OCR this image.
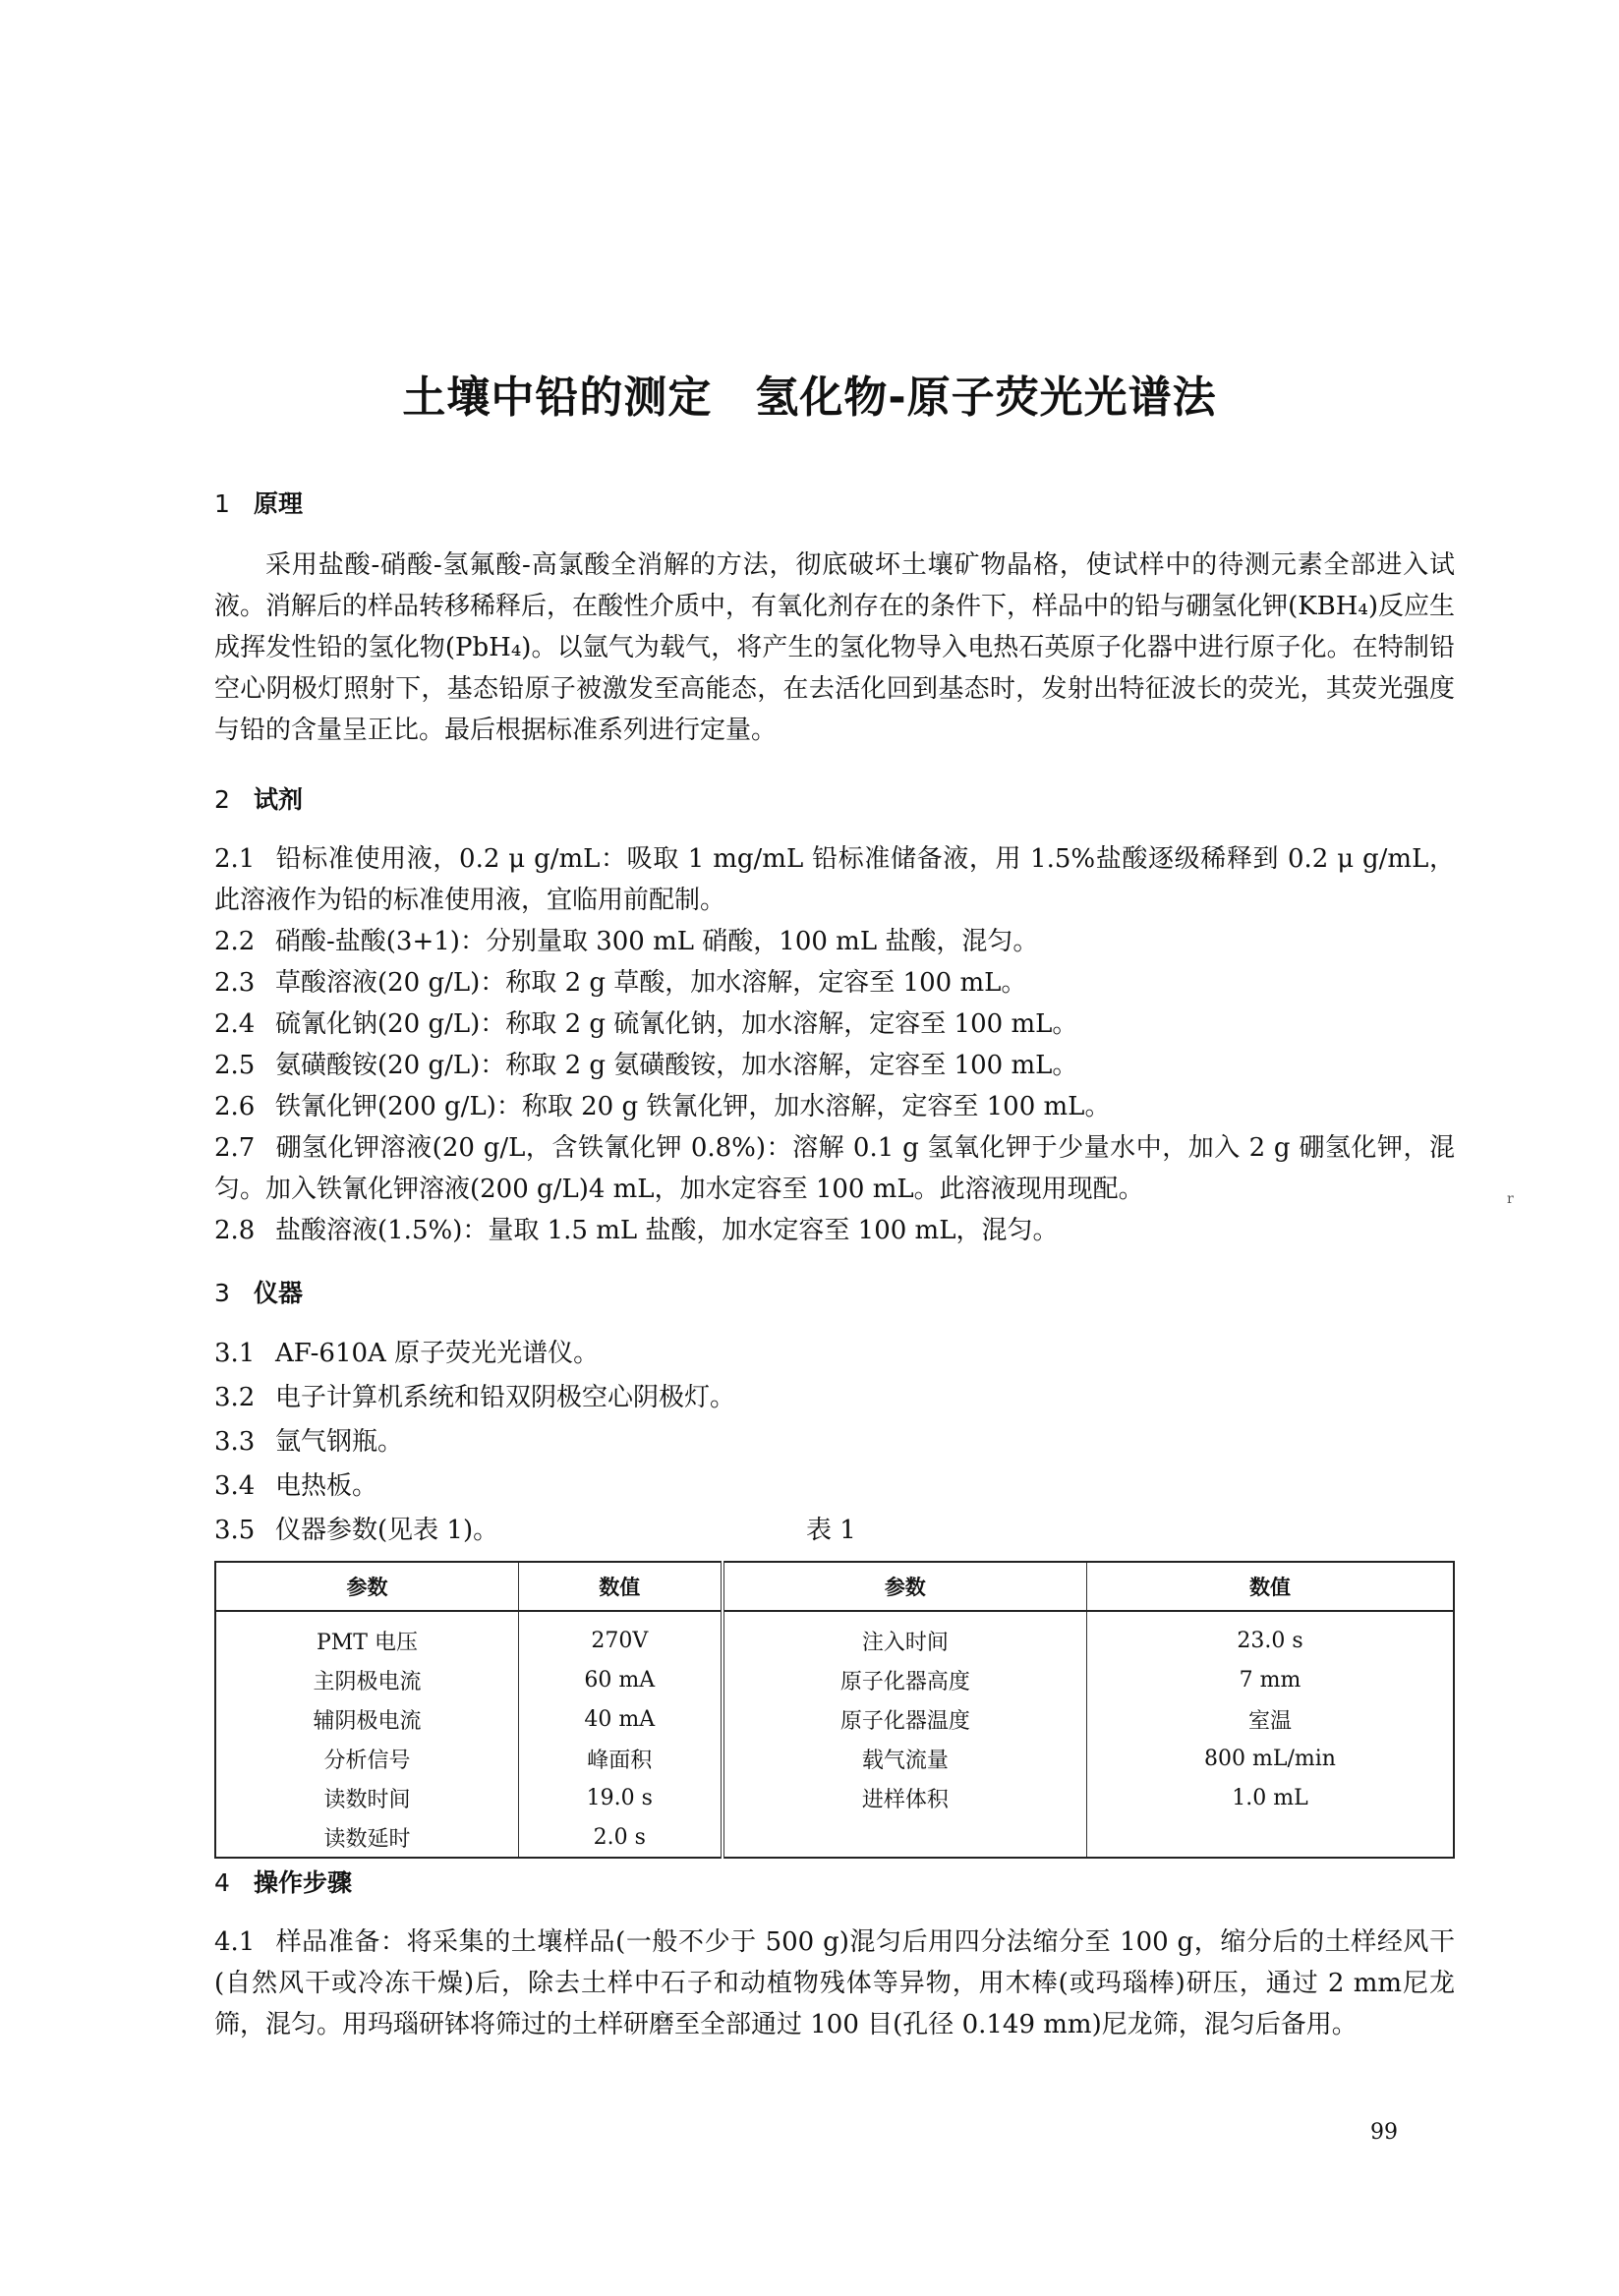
土壤中铅的测定 氢化物-原子荧光光谱法
1 原理
采用盐酸-硝酸-氢氟酸-高氯酸全消解的方法，彻底破坏土壤矿物晶格，使试样中的待测元素全部进入试液。消解后的样品转移稀释后，在酸性介质中，有氧化剂存在的条件下，样品中的铅与硼氢化钾(KBH₄)反应生成挥发性铅的氢化物(PbH₄)。以氩气为载气，将产生的氢化物导入电热石英原子化器中进行原子化。在特制铅空心阴极灯照射下，基态铅原子被激发至高能态，在去活化回到基态时，发射出特征波长的荧光，其荧光强度与铅的含量呈正比。最后根据标准系列进行定量。
2 试剂
2.1 铅标准使用液，0.2 μ g/mL：吸取 1 mg/mL 铅标准储备液，用 1.5%盐酸逐级稀释到 0.2 μ g/mL，此溶液作为铅的标准使用液，宜临用前配制。
2.2 硝酸-盐酸(3+1)：分别量取 300 mL 硝酸，100 mL 盐酸，混匀。
2.3 草酸溶液(20 g/L)：称取 2 g 草酸，加水溶解，定容至 100 mL。
2.4 硫氰化钠(20 g/L)：称取 2 g 硫氰化钠，加水溶解，定容至 100 mL。
2.5 氨磺酸铵(20 g/L)：称取 2 g 氨磺酸铵，加水溶解，定容至 100 mL。
2.6 铁氰化钾(200 g/L)：称取 20 g 铁氰化钾，加水溶解，定容至 100 mL。
2.7 硼氢化钾溶液(20 g/L，含铁氰化钾 0.8%)：溶解 0.1 g 氢氧化钾于少量水中，加入 2 g 硼氢化钾，混匀。加入铁氰化钾溶液(200 g/L)4 mL，加水定容至 100 mL。此溶液现用现配。
2.8 盐酸溶液(1.5%)：量取 1.5 mL 盐酸，加水定容至 100 mL，混匀。
r
3 仪器
3.1 AF-610A 原子荧光光谱仪。
3.2 电子计算机系统和铅双阴极空心阴极灯。
3.3 氩气钢瓶。
3.4 电热板。
3.5 仪器参数(见表 1)。	表 1
参数	数值	参数	数值
PMT 电压	270V	注入时间	23.0 s
主阴极电流	60 mA	原子化器高度	7 mm
辅阴极电流	40 mA	原子化器温度	室温
分析信号	峰面积	载气流量	800 mL/min
读数时间	19.0 s	进样体积	1.0 mL
读数延时	2.0 s		
4 操作步骤
4.1 样品准备：将采集的土壤样品(一般不少于 500 g)混匀后用四分法缩分至 100 g，缩分后的土样经风干(自然风干或冷冻干燥)后，除去土样中石子和动植物残体等异物，用木棒(或玛瑙棒)研压，通过 2 mm尼龙筛，混匀。用玛瑙研钵将筛过的土样研磨至全部通过 100 目(孔径 0.149 mm)尼龙筛，混匀后备用。
99
